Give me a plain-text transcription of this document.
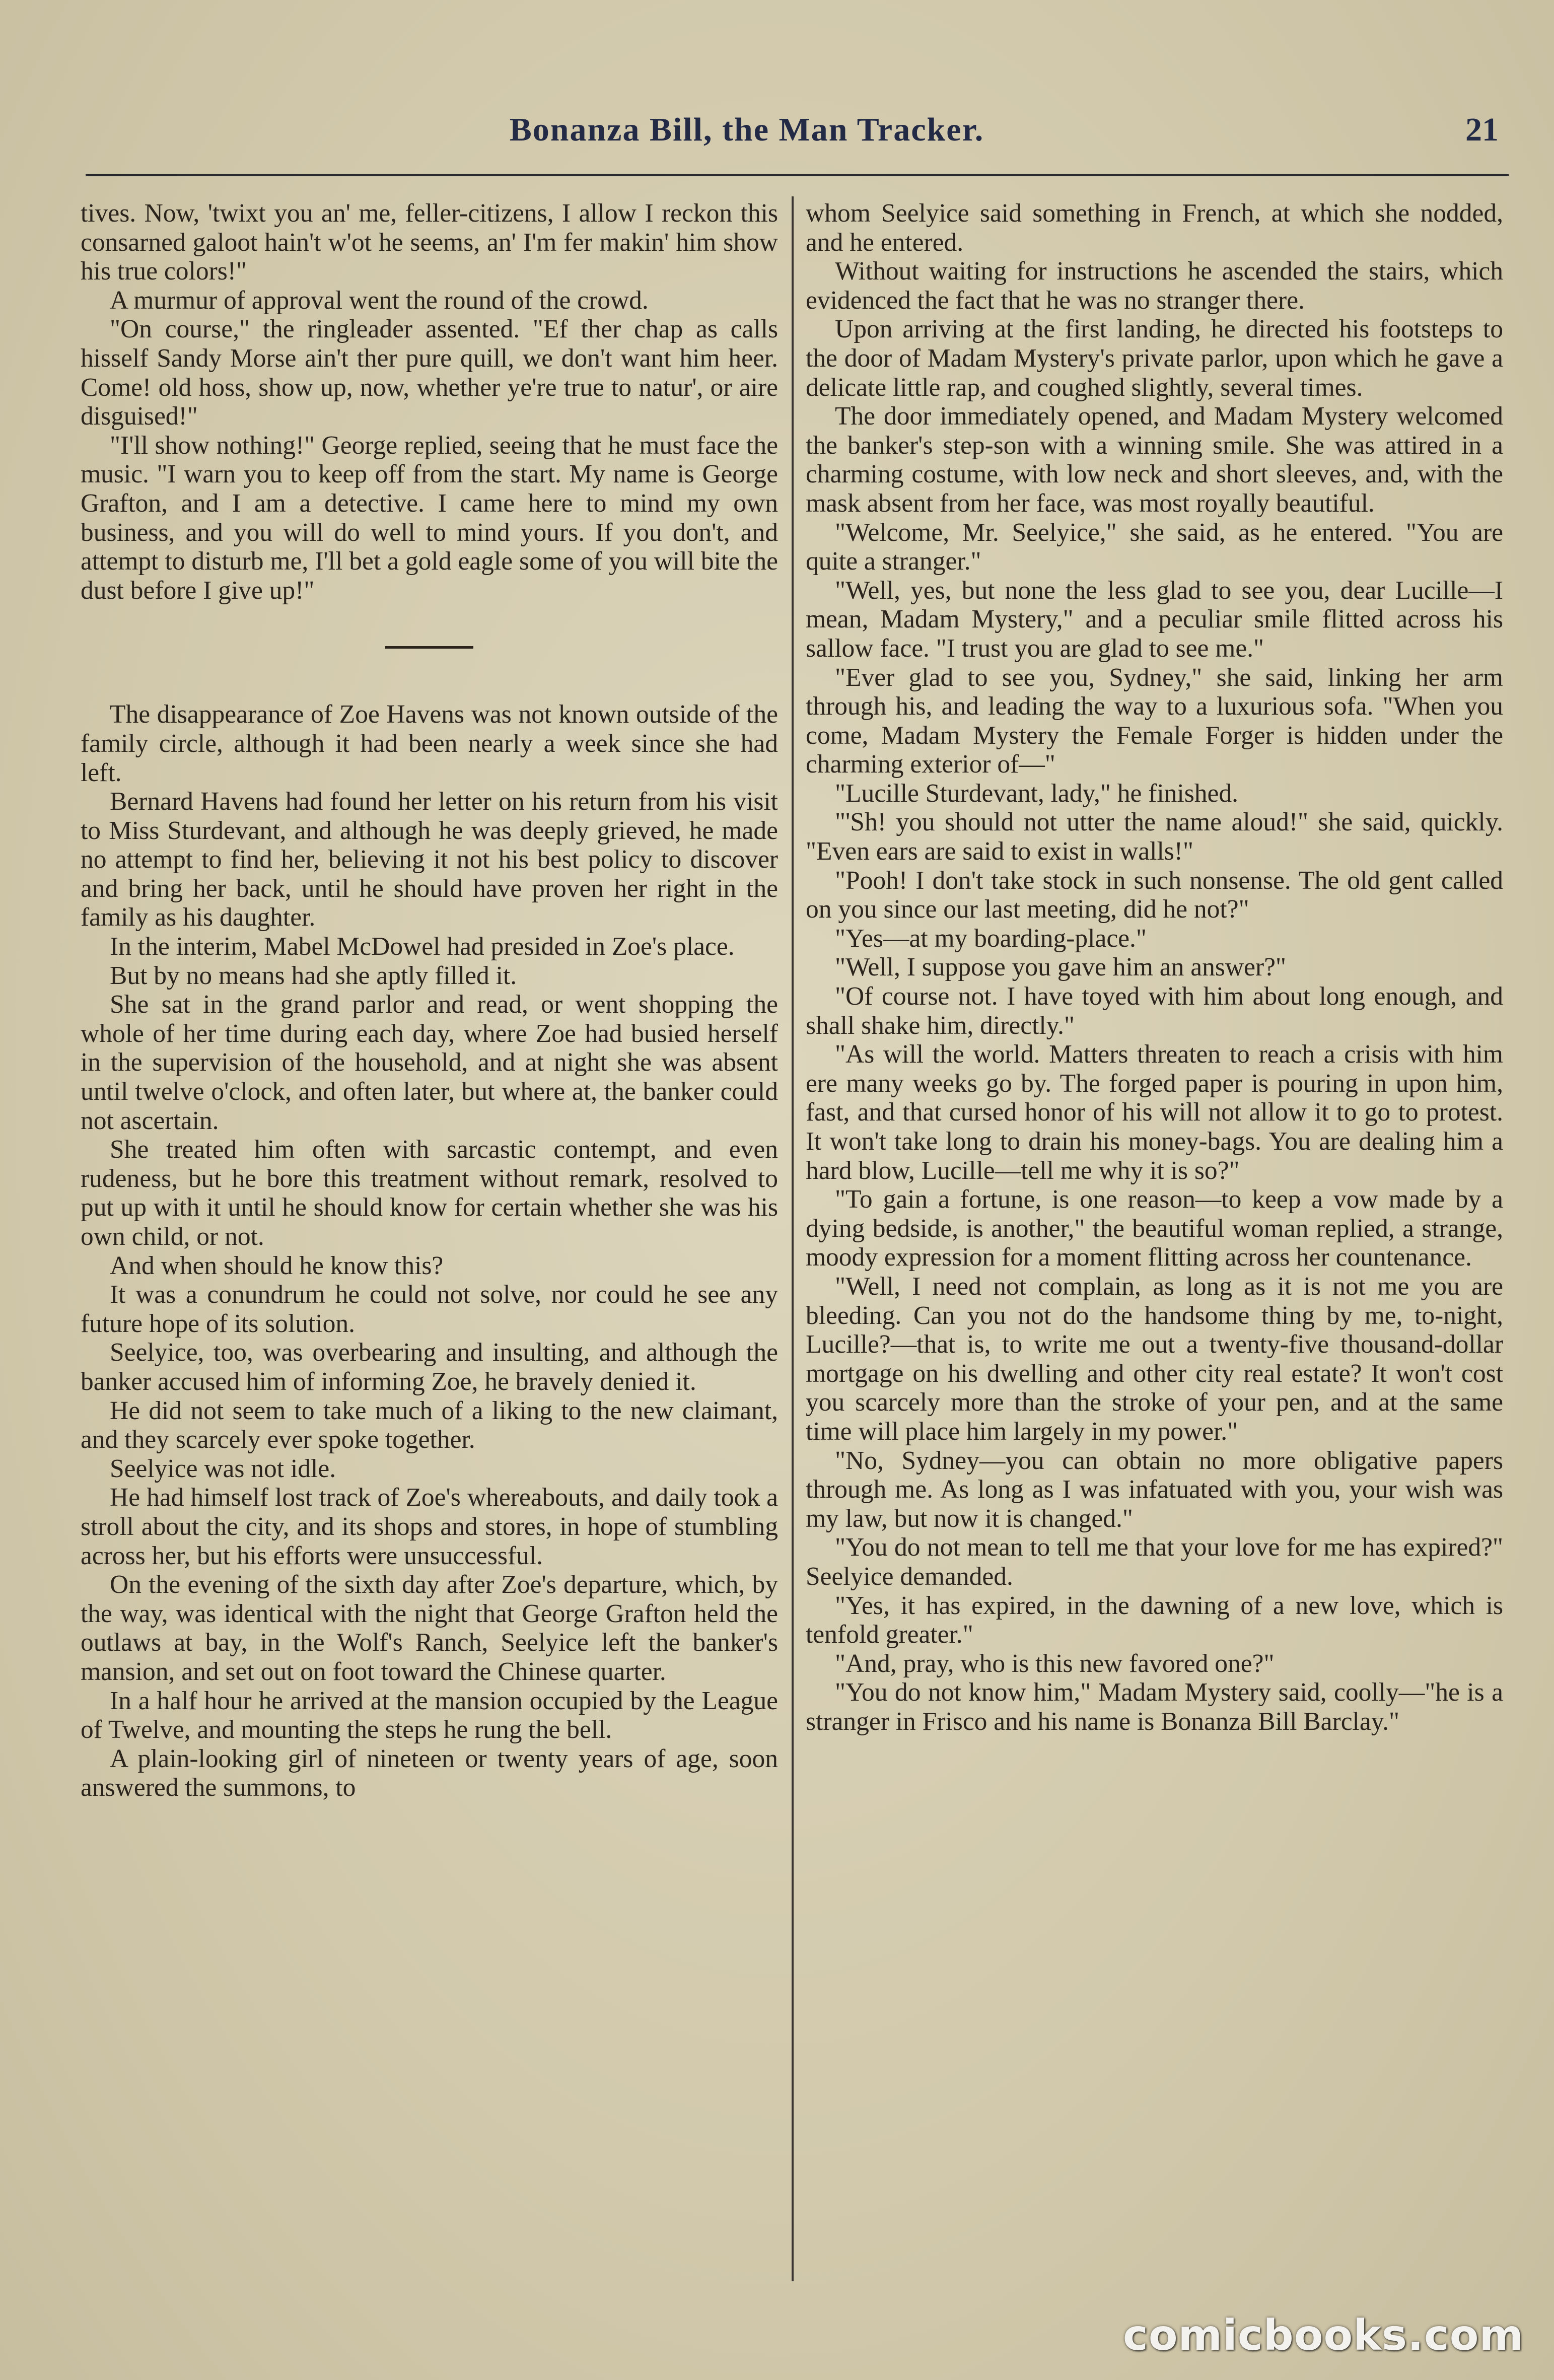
Bonanza Bill, the Man Tracker.	21

tives. Now, 'twixt you an' me, feller-citizens, I allow I reckon this consarned galoot hain't w'ot he seems, an' I'm fer makin' him show his true colors!"

A murmur of approval went the round of the crowd.

"On course," the ringleader assented. "Ef ther chap as calls hisself Sandy Morse ain't ther pure quill, we don't want him heer. Come! old hoss, show up, now, whether ye're true to natur', or aire disguised!"

"I'll show nothing!" George replied, seeing that he must face the music. "I warn you to keep off from the start. My name is George Grafton, and I am a detective. I came here to mind my own business, and you will do well to mind yours. If you don't, and attempt to disturb me, I'll bet a gold eagle some of you will bite the dust before I give up!"

The disappearance of Zoe Havens was not known outside of the family circle, although it had been nearly a week since she had left.

Bernard Havens had found her letter on his return from his visit to Miss Sturdevant, and although he was deeply grieved, he made no attempt to find her, believing it not his best policy to discover and bring her back, until he should have proven her right in the family as his daughter.

In the interim, Mabel McDowel had presided in Zoe's place.

But by no means had she aptly filled it.

She sat in the grand parlor and read, or went shopping the whole of her time during each day, where Zoe had busied herself in the supervision of the household, and at night she was absent until twelve o'clock, and often later, but where at, the banker could not ascertain.

She treated him often with sarcastic contempt, and even rudeness, but he bore this treatment without remark, resolved to put up with it until he should know for certain whether she was his own child, or not.

And when should he know this?

It was a conundrum he could not solve, nor could he see any future hope of its solution.

Seelyice, too, was overbearing and insulting, and although the banker accused him of informing Zoe, he bravely denied it.

He did not seem to take much of a liking to the new claimant, and they scarcely ever spoke together.

Seelyice was not idle.

He had himself lost track of Zoe's whereabouts, and daily took a stroll about the city, and its shops and stores, in hope of stumbling across her, but his efforts were unsuccessful.

On the evening of the sixth day after Zoe's departure, which, by the way, was identical with the night that George Grafton held the outlaws at bay, in the Wolf's Ranch, Seelyice left the banker's mansion, and set out on foot toward the Chinese quarter.

In a half hour he arrived at the mansion occupied by the League of Twelve, and mounting the steps he rung the bell.

A plain-looking girl of nineteen or twenty years of age, soon answered the summons, to

whom Seelyice said something in French, at which she nodded, and he entered.

Without waiting for instructions he ascended the stairs, which evidenced the fact that he was no stranger there.

Upon arriving at the first landing, he directed his footsteps to the door of Madam Mystery's private parlor, upon which he gave a delicate little rap, and coughed slightly, several times.

The door immediately opened, and Madam Mystery welcomed the banker's step-son with a winning smile. She was attired in a charming costume, with low neck and short sleeves, and, with the mask absent from her face, was most royally beautiful.

"Welcome, Mr. Seelyice," she said, as he entered. "You are quite a stranger."

"Well, yes, but none the less glad to see you, dear Lucille—I mean, Madam Mystery," and a peculiar smile flitted across his sallow face. "I trust you are glad to see me."

"Ever glad to see you, Sydney," she said, linking her arm through his, and leading the way to a luxurious sofa. "When you come, Madam Mystery the Female Forger is hidden under the charming exterior of—"

"Lucille Sturdevant, lady," he finished.

"'Sh! you should not utter the name aloud!" she said, quickly. "Even ears are said to exist in walls!"

"Pooh! I don't take stock in such nonsense. The old gent called on you since our last meeting, did he not?"

"Yes—at my boarding-place."

"Well, I suppose you gave him an answer?"

"Of course not. I have toyed with him about long enough, and shall shake him, directly."

"As will the world. Matters threaten to reach a crisis with him ere many weeks go by. The forged paper is pouring in upon him, fast, and that cursed honor of his will not allow it to go to protest. It won't take long to drain his money-bags. You are dealing him a hard blow, Lucille—tell me why it is so?"

"To gain a fortune, is one reason—to keep a vow made by a dying bedside, is another," the beautiful woman replied, a strange, moody expression for a moment flitting across her countenance.

"Well, I need not complain, as long as it is not me you are bleeding. Can you not do the handsome thing by me, to-night, Lucille?—that is, to write me out a twenty-five thousand-dollar mortgage on his dwelling and other city real estate? It won't cost you scarcely more than the stroke of your pen, and at the same time will place him largely in my power."

"No, Sydney—you can obtain no more obligative papers through me. As long as I was infatuated with you, your wish was my law, but now it is changed."

"You do not mean to tell me that your love for me has expired?" Seelyice demanded.

"Yes, it has expired, in the dawning of a new love, which is tenfold greater."

"And, pray, who is this new favored one?"

"You do not know him," Madam Mystery said, coolly—"he is a stranger in Frisco and his name is Bonanza Bill Barclay."

comicbooks.com
